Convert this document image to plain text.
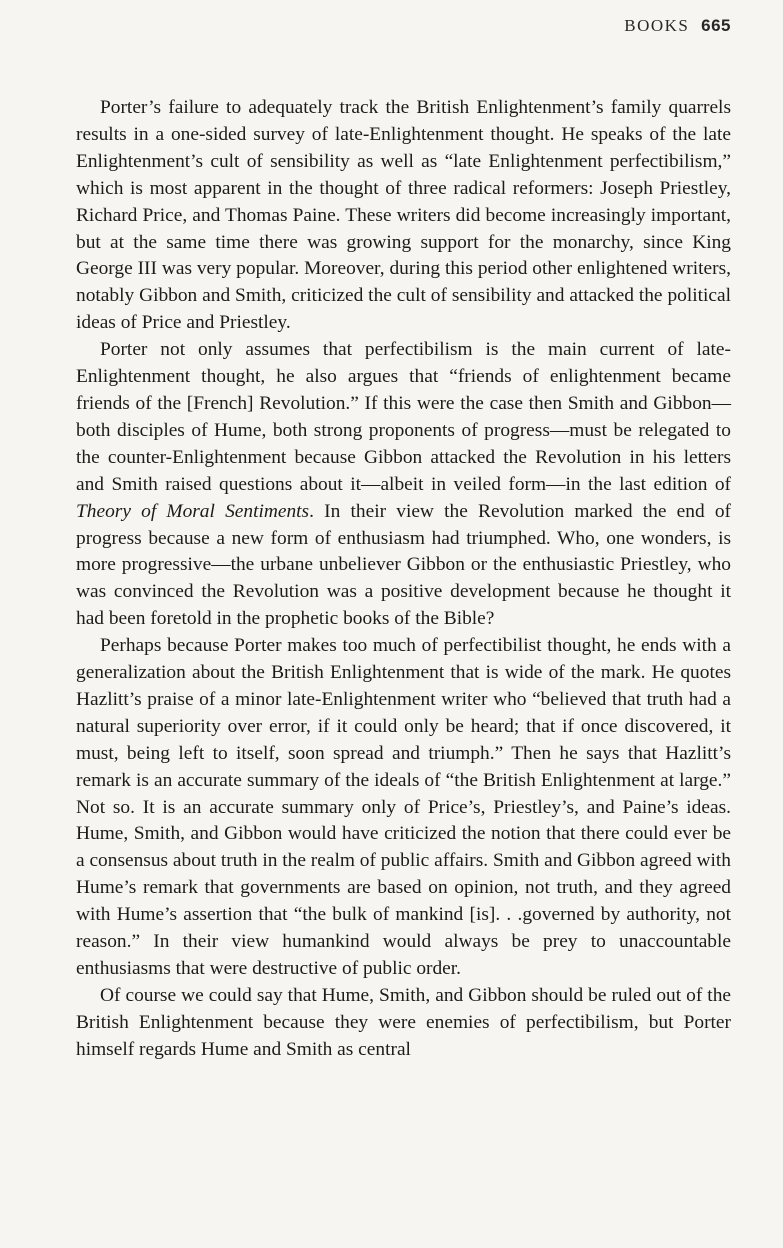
BOOKS 665

Porter’s failure to adequately track the British Enlightenment’s family quarrels results in a one-sided survey of late-Enlightenment thought. He speaks of the late Enlightenment’s cult of sensibility as well as “late Enlightenment perfectibilism,” which is most apparent in the thought of three radical reformers: Joseph Priestley, Richard Price, and Thomas Paine. These writers did become increasingly important, but at the same time there was growing support for the monarchy, since King George III was very popular. Moreover, during this period other enlightened writers, notably Gibbon and Smith, criticized the cult of sensibility and attacked the political ideas of Price and Priestley.

Porter not only assumes that perfectibilism is the main current of late-Enlightenment thought, he also argues that “friends of enlightenment became friends of the [French] Revolution.” If this were the case then Smith and Gibbon—both disciples of Hume, both strong proponents of progress—must be relegated to the counter-Enlightenment because Gibbon attacked the Revolution in his letters and Smith raised questions about it—albeit in veiled form—in the last edition of Theory of Moral Sentiments. In their view the Revolution marked the end of progress because a new form of enthusiasm had triumphed. Who, one wonders, is more progressive—the urbane unbeliever Gibbon or the enthusiastic Priestley, who was convinced the Revolution was a positive development because he thought it had been foretold in the prophetic books of the Bible?

Perhaps because Porter makes too much of perfectibilist thought, he ends with a generalization about the British Enlightenment that is wide of the mark. He quotes Hazlitt’s praise of a minor late-Enlightenment writer who “believed that truth had a natural superiority over error, if it could only be heard; that if once discovered, it must, being left to itself, soon spread and triumph.” Then he says that Hazlitt’s remark is an accurate summary of the ideals of “the British Enlightenment at large.” Not so. It is an accurate summary only of Price’s, Priestley’s, and Paine’s ideas. Hume, Smith, and Gibbon would have criticized the notion that there could ever be a consensus about truth in the realm of public affairs. Smith and Gibbon agreed with Hume’s remark that governments are based on opinion, not truth, and they agreed with Hume’s assertion that “the bulk of mankind [is]. . .governed by authority, not reason.” In their view humankind would always be prey to unaccountable enthusiasms that were destructive of public order.

Of course we could say that Hume, Smith, and Gibbon should be ruled out of the British Enlightenment because they were enemies of perfectibilism, but Porter himself regards Hume and Smith as central
